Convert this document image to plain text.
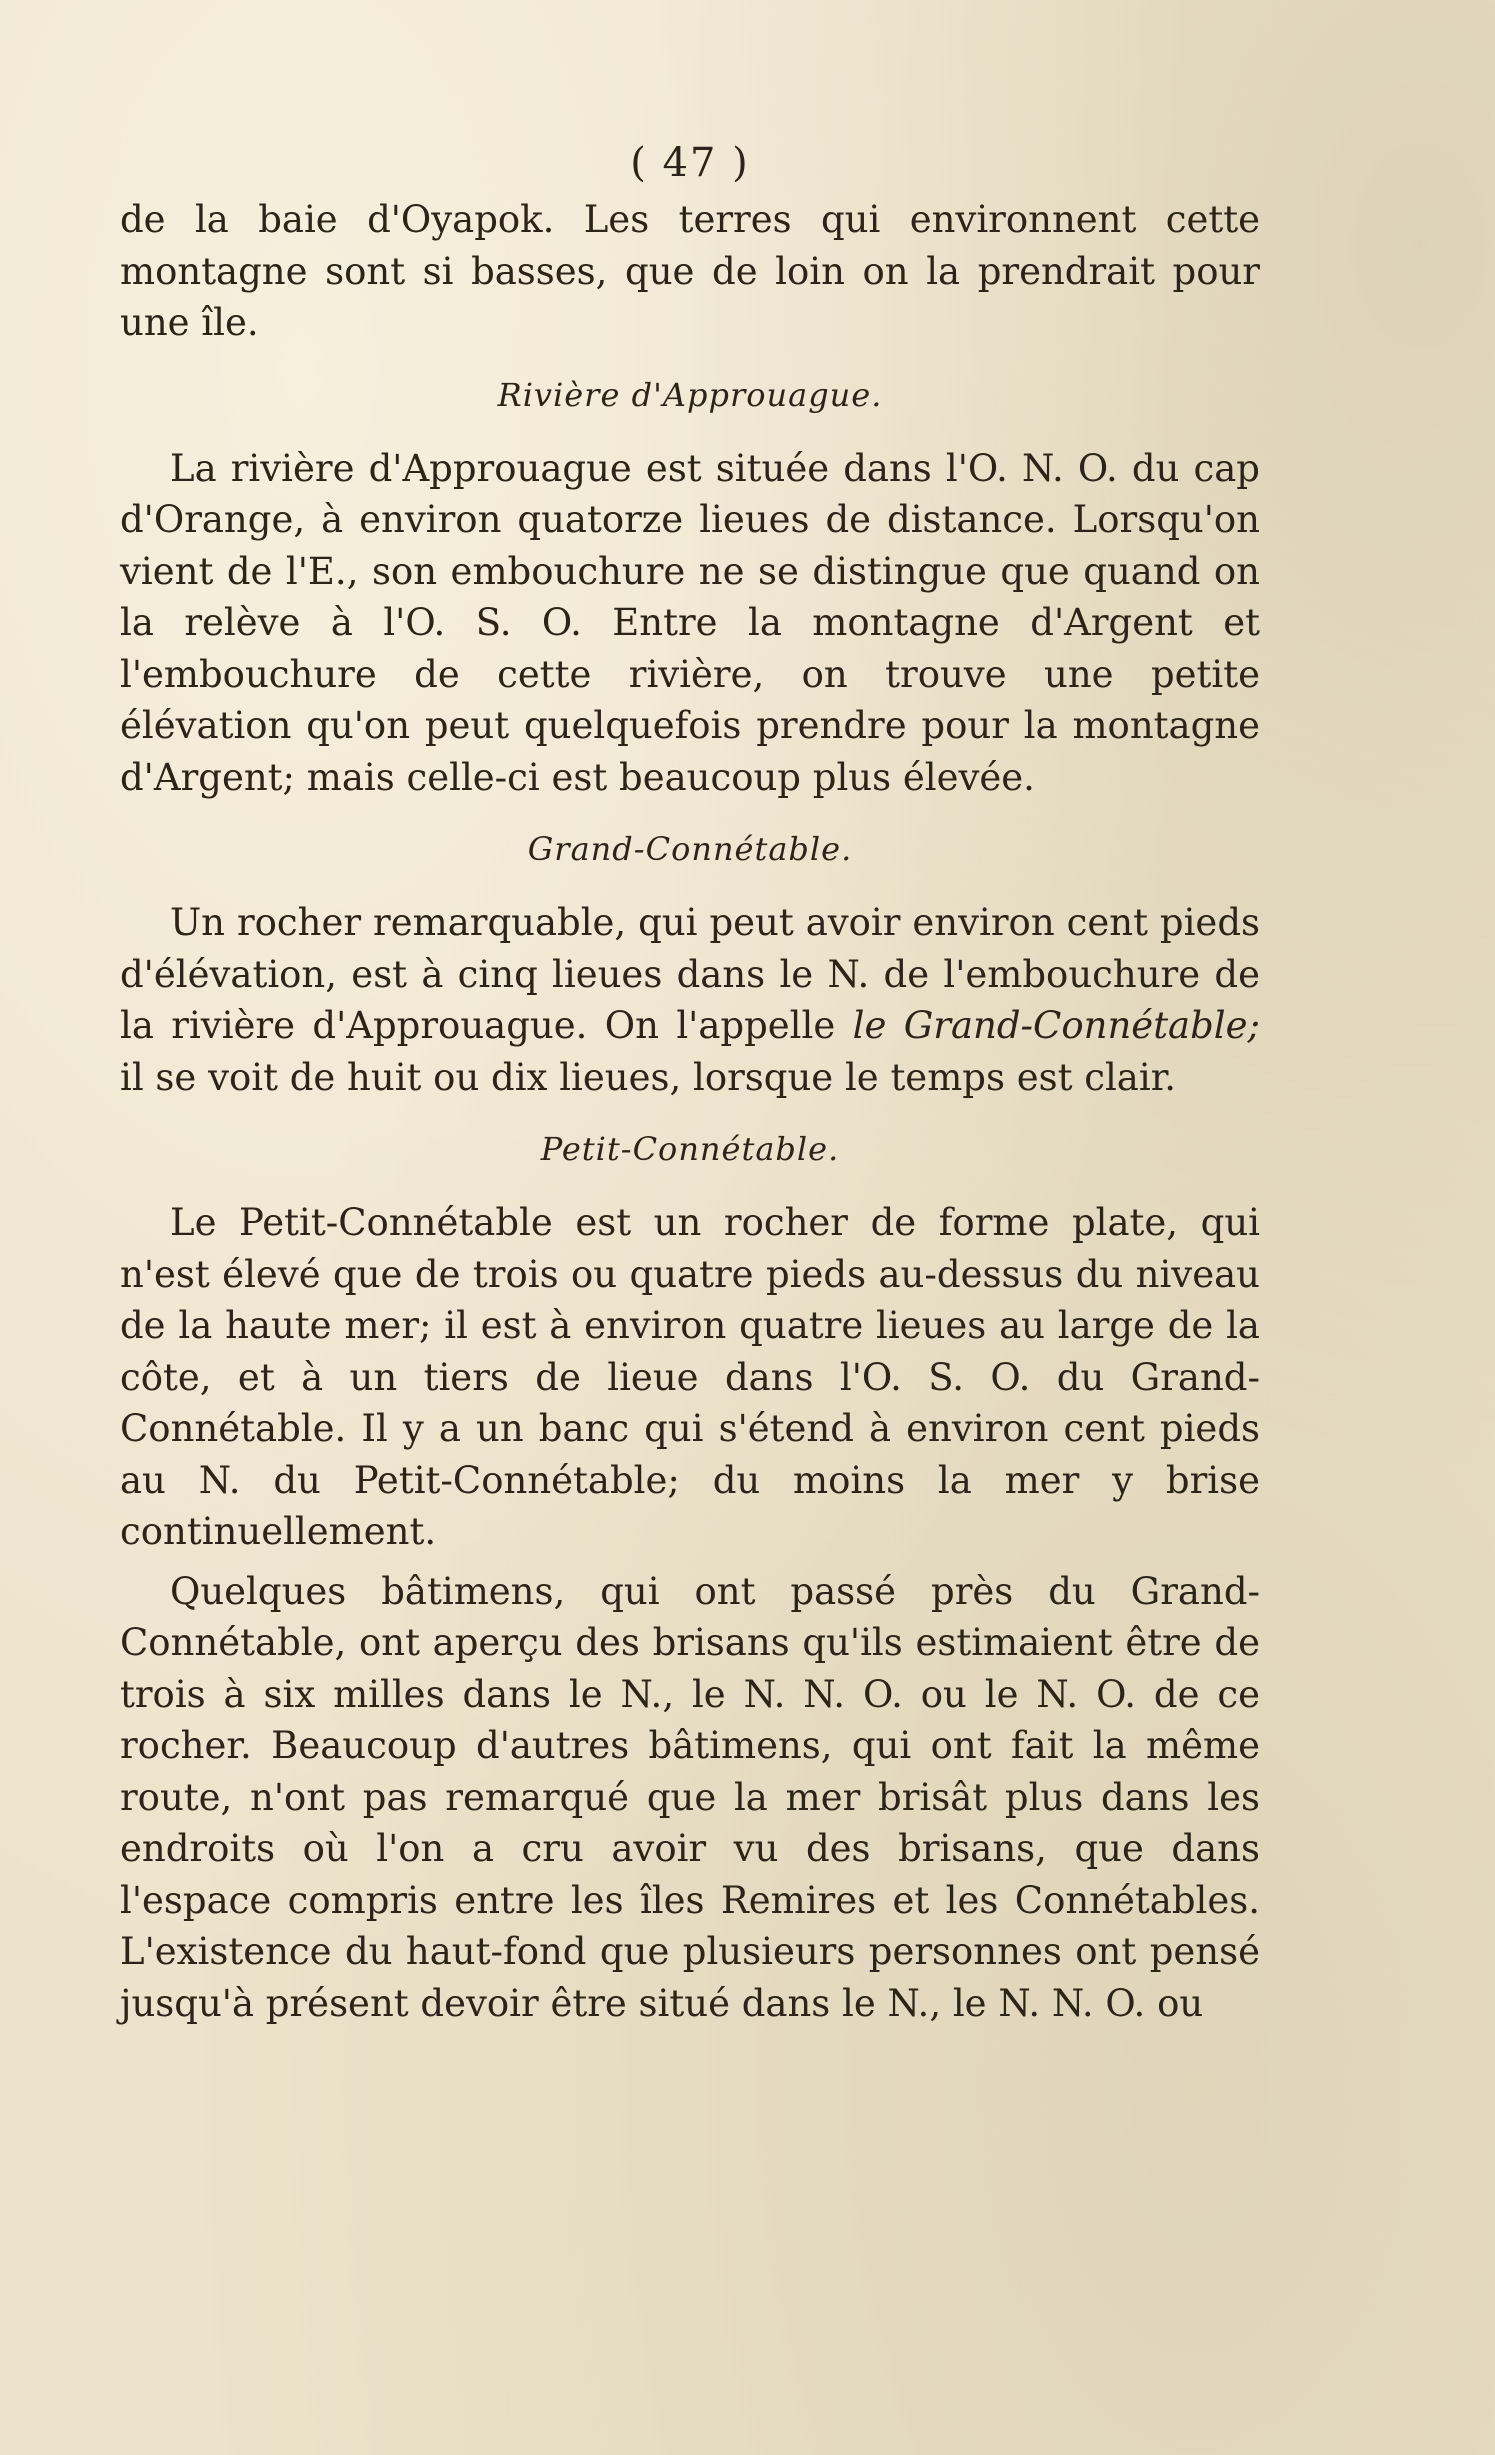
( 47 )

de la baie d'Oyapok. Les terres qui environnent cette montagne sont si basses, que de loin on la prendrait pour une île.

Rivière d'Approuague.

La rivière d'Approuague est située dans l'O. N. O. du cap d'Orange, à environ quatorze lieues de distance. Lorsqu'on vient de l'E., son embouchure ne se distingue que quand on la relève à l'O. S. O. Entre la montagne d'Argent et l'embouchure de cette rivière, on trouve une petite élévation qu'on peut quelquefois prendre pour la montagne d'Argent; mais celle-ci est beaucoup plus élevée.

Grand-Connétable.

Un rocher remarquable, qui peut avoir environ cent pieds d'élévation, est à cinq lieues dans le N. de l'embouchure de la rivière d'Approuague. On l'appelle le Grand-Connétable; il se voit de huit ou dix lieues, lorsque le temps est clair.

Petit-Connétable.

Le Petit-Connétable est un rocher de forme plate, qui n'est élevé que de trois ou quatre pieds au-dessus du niveau de la haute mer; il est à environ quatre lieues au large de la côte, et à un tiers de lieue dans l'O. S. O. du Grand-Connétable. Il y a un banc qui s'étend à environ cent pieds au N. du Petit-Connétable; du moins la mer y brise continuellement.

Quelques bâtimens, qui ont passé près du Grand-Connétable, ont aperçu des brisans qu'ils estimaient être de trois à six milles dans le N., le N. N. O. ou le N. O. de ce rocher. Beaucoup d'autres bâtimens, qui ont fait la même route, n'ont pas remarqué que la mer brisât plus dans les endroits où l'on a cru avoir vu des brisans, que dans l'espace compris entre les îles Remires et les Connétables. L'existence du haut-fond que plusieurs personnes ont pensé jusqu'à présent devoir être situé dans le N., le N. N. O. ou
